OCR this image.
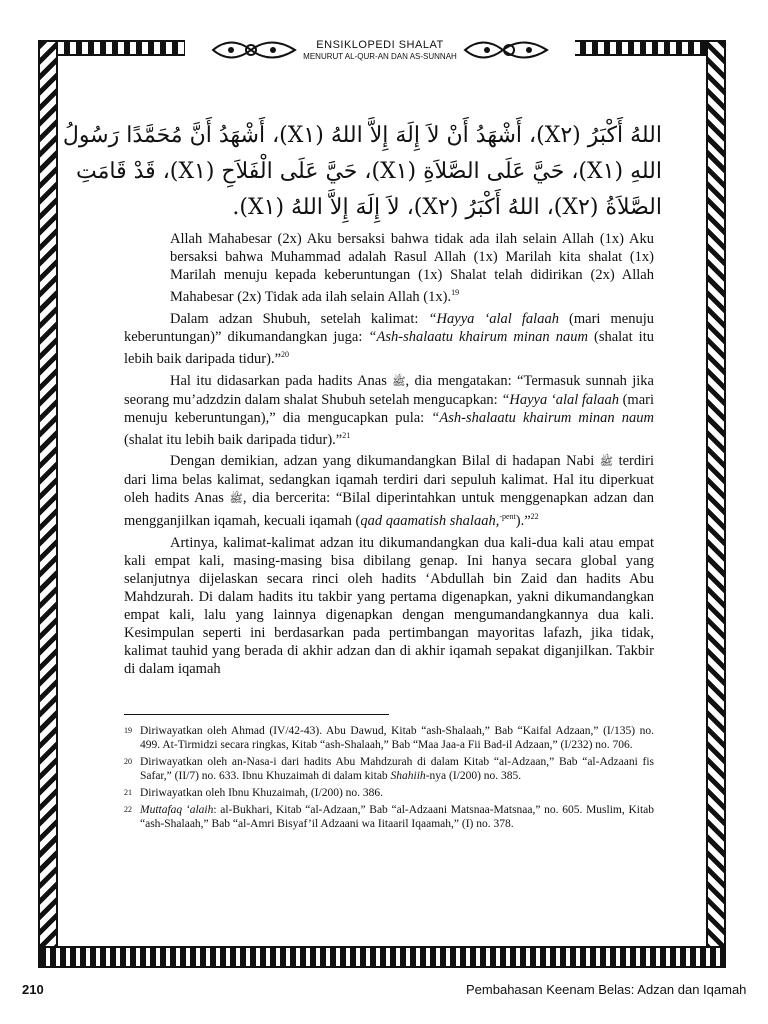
ENSIKLOPEDI SHALAT
MENURUT AL-QUR-AN DAN AS-SUNNAH
اللهُ أَكْبَرُ (X٢)، أَشْهَدُ أَنْ لاَ إِلَهَ إِلاَّ اللهُ (X١)، أَشْهَدُ أَنَّ مُحَمَّدًا رَسُولُ
اللهِ (X١)، حَيَّ عَلَى الصَّلاَةِ (X١)، حَيَّ عَلَى الْفَلاَحِ (X١)، قَدْ قَامَتِ
الصَّلاَةُ (X٢)، اللهُ أَكْبَرُ (X٢)، لاَ إِلَهَ إِلاَّ اللهُ (X١).
Allah Mahabesar (2x) Aku bersaksi bahwa tidak ada ilah selain Allah (1x) Aku bersaksi bahwa Muhammad adalah Rasul Allah (1x) Marilah kita shalat (1x) Marilah menuju kepada keberuntungan (1x) Shalat telah didirikan (2x) Allah Mahabesar (2x) Tidak ada ilah selain Allah (1x).$^{19}$

Dalam adzan Shubuh, setelah kalimat: “Hayya ‘alal falaah (mari menuju keberuntungan)” dikumandangkan juga: “Ash-shalaatu khairum minan naum (shalat itu lebih baik daripada tidur).”$^{20}$

Hal itu didasarkan pada hadits Anas ﷺ, dia mengatakan: “Termasuk sunnah jika seorang mu’adzdzin dalam shalat Shubuh setelah mengucapkan: “Hayya ‘alal falaah (mari menuju keberuntungan),” dia mengucapkan pula: “Ash-shalaatu khairum minan naum (shalat itu lebih baik daripada tidur).”$^{21}$

Dengan demikian, adzan yang dikumandangkan Bilal di hadapan Nabi ﷺ terdiri dari lima belas kalimat, sedangkan iqamah terdiri dari sepuluh kalimat. Hal itu diperkuat oleh hadits Anas ﷺ, dia bercerita: “Bilal diperintahkan untuk menggenapkan adzan dan mengganjilkan iqamah, kecuali iqamah (qad qaamatish shalaah,$^{-pent}$).”$^{22}$

Artinya, kalimat-kalimat adzan itu dikumandangkan dua kali-dua kali atau empat kali empat kali, masing-masing bisa dibilang genap. Ini hanya secara global yang selanjutnya dijelaskan secara rinci oleh hadits ‘Abdullah bin Zaid dan hadits Abu Mahdzurah. Di dalam hadits itu takbir yang pertama digenapkan, yakni dikumandangkan empat kali, lalu yang lainnya digenapkan dengan mengumandangkannya dua kali. Kesimpulan seperti ini berdasarkan pada pertimbangan mayoritas lafazh, jika tidak, kalimat tauhid yang berada di akhir adzan dan di akhir iqamah sepakat diganjilkan. Takbir di dalam iqamah

19 Diriwayatkan oleh Ahmad (IV/42-43). Abu Dawud, Kitab “ash-Shalaah,” Bab “Kaifal Adzaan,” (I/135) no. 499. At-Tirmidzi secara ringkas, Kitab “ash-Shalaah,” Bab “Maa Jaa-a Fii Bad-il Adzaan,” (I/232) no. 706.
20 Diriwayatkan oleh an-Nasa-i dari hadits Abu Mahdzurah di dalam Kitab “al-Adzaan,” Bab “al-Adzaani fis Safar,” (II/7) no. 633. Ibnu Khuzaimah di dalam kitab Shahiih-nya (I/200) no. 385.
21 Diriwayatkan oleh Ibnu Khuzaimah, (I/200) no. 386.
22 Muttafaq ‘alaih: al-Bukhari, Kitab “al-Adzaan,” Bab “al-Adzaani Matsnaa-Matsnaa,” no. 605. Muslim, Kitab “ash-Shalaah,” Bab “al-Amri Bisyaf’il Adzaani wa Iitaaril Iqaamah,” (I) no. 378.
210	Pembahasan Keenam Belas: Adzan dan Iqamah
